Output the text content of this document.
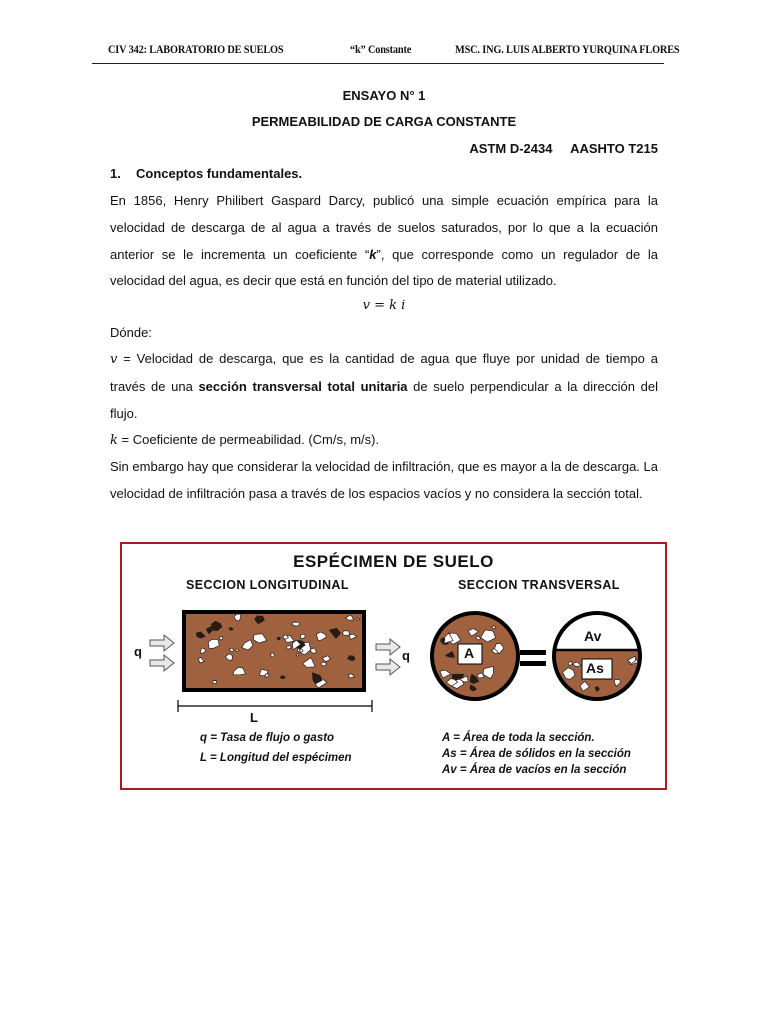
CIV 342: LABORATORIO DE SUELOS	“k” Constante	MSC. ING. LUIS ALBERTO YURQUINA FLORES
ENSAYO N° 1
PERMEABILIDAD DE CARGA CONSTANTE
ASTM D-2434 AASHTO T215
1. Conceptos fundamentales.
En 1856, Henry Philibert Gaspard Darcy, publicó una simple ecuación empírica para la velocidad de descarga de al agua a través de suelos saturados, por lo que a la ecuación anterior se le incrementa un coeficiente “k”, que corresponde como un regulador de la velocidad del agua, es decir que está en función del tipo de material utilizado.
v = k i
Dónde:
v = Velocidad de descarga, que es la cantidad de agua que fluye por unidad de tiempo a través de una sección transversal total unitaria de suelo perpendicular a la dirección del flujo.
k = Coeficiente de permeabilidad. (Cm/s, m/s).
Sin embargo hay que considerar la velocidad de infiltración, que es mayor a la de descarga. La velocidad de infiltración pasa a través de los espacios vacíos y no considera la sección total.
ESPÉCIMEN DE SUELO
SECCION LONGITUDINAL	SECCION TRANSVERSAL
q	q
L
A
Av
As
q = Tasa de flujo o gasto
L = Longitud del espécimen
A = Área de toda la sección.
As = Área de sólidos en la sección
Av = Área de vacíos en la sección
